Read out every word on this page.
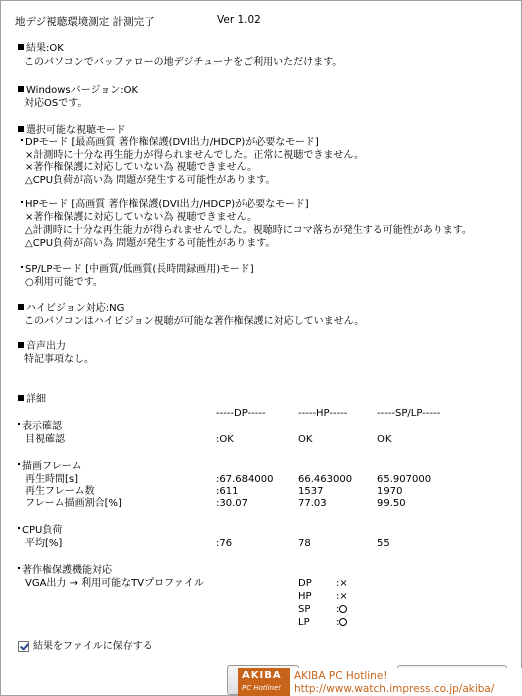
地デジ視聴環境測定 計測完了	Ver 1.02
結果:OK
このパソコンでバッファローの地デジチューナをご利用いただけます。
Windowsバージョン:OK
対応OSです。
選択可能な視聴モード
DPモード [最高画質 著作権保護(DVI出力/HDCP)が必要なモード]
×計測時に十分な再生能力が得られませんでした。正常に視聴できません。
×著作権保護に対応していない為 視聴できません。
△CPU負荷が高い為 問題が発生する可能性があります。
HPモード [高画質 著作権保護(DVI出力/HDCP)が必要なモード]
×著作権保護に対応していない為 視聴できません。
△計測時に十分な再生能力が得られませんでした。視聴時にコマ落ちが発生する可能性があります。
△CPU負荷が高い為 問題が発生する可能性があります。
SP/LPモード [中画質/低画質(長時間録画用)モード]
○利用可能です。
ハイビジョン対応:NG
このパソコンはハイビジョン視聴が可能な著作権保護に対応していません。
音声出力
特記事項なし。
詳細
-----DP-----	-----HP-----	-----SP/LP-----
表示確認
目視確認	:OK	OK	OK
描画フレーム
再生時間[s]	:67.684000 66.463000 65.907000
再生フレーム数	:611	1537	1970
フレーム描画割合[%]	:30.07	77.03	99.50
CPU負荷
平均[%]	:76	78	55
著作権保護機能対応
VGA出力 → 利用可能なTVプロファイル	DP :×
HP :×
SP	:
LP	:
結果をファイルに保存する
AKIBA
PC Hotline!
AKIBA PC Hotline!
http://www.watch.impress.co.jp/akiba/
